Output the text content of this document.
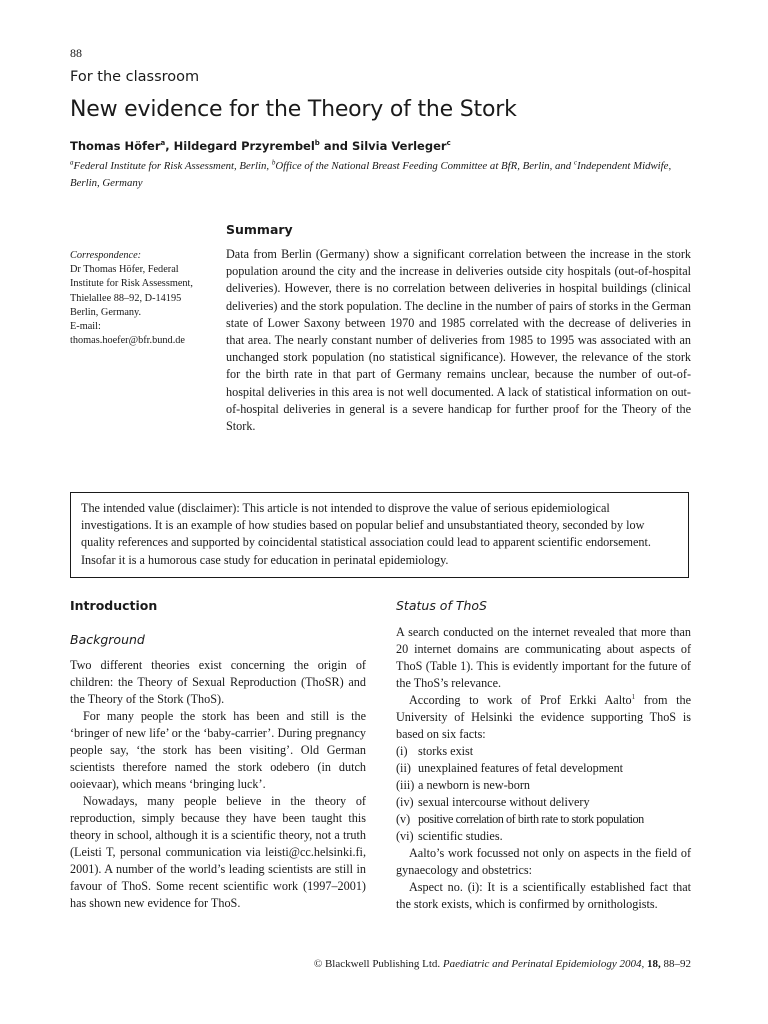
88
For the classroom
New evidence for the Theory of the Stork
Thomas Höfer$^a$, Hildegard Przyrembel$^b$ and Silvia Verleger$^c$
$^a$Federal Institute for Risk Assessment, Berlin, $^b$Office of the National Breast Feeding Committee at BfR, Berlin, and $^c$Independent Midwife, Berlin, Germany
Summary
Correspondence:
Dr Thomas Höfer, Federal
Institute for Risk Assessment,
Thielallee 88–92, D-14195
Berlin, Germany.
E-mail:
thomas.hoefer@bfr.bund.de

Data from Berlin (Germany) show a significant correlation between the increase in the stork population around the city and the increase in deliveries outside city hospitals (out-of-hospital deliveries). However, there is no correlation between deliveries in hospital buildings (clinical deliveries) and the stork population. The decline in the number of pairs of storks in the German state of Lower Saxony between 1970 and 1985 correlated with the decrease of deliveries in that area. The nearly constant number of deliveries from 1985 to 1995 was associated with an unchanged stork population (no statistical significance). However, the relevance of the stork for the birth rate in that part of Germany remains unclear, because the number of out-of-hospital deliveries in this area is not well documented. A lack of statistical information on out-of-hospital deliveries in general is a severe handicap for further proof for the Theory of the Stork.

The intended value (disclaimer): This article is not intended to disprove the value of serious epidemiological investigations. It is an example of how studies based on popular belief and unsubstantiated theory, seconded by low quality references and supported by coincidental statistical association could lead to apparent scientific endorsement. Insofar it is a humorous case study for education in perinatal epidemiology.
Introduction
Background

Two different theories exist concerning the origin of children: the Theory of Sexual Reproduction (ThoSR) and the Theory of the Stork (ThoS).

For many people the stork has been and still is the ‘bringer of new life’ or the ‘baby-carrier’. During pregnancy people say, ‘the stork has been visiting’. Old German scientists therefore named the stork odebero (in dutch ooievaar), which means ‘bringing luck’.

Nowadays, many people believe in the theory of reproduction, simply because they have been taught this theory in school, although it is a scientific theory, not a truth (Leisti T, personal communication via leisti@cc.helsinki.fi, 2001). A number of the world’s leading scientists are still in favour of ThoS. Some recent scientific work (1997–2001) has shown new evidence for ThoS.

Status of ThoS

A search conducted on the internet revealed that more than 20 internet domains are communicating about aspects of ThoS (Table 1). This is evidently important for the future of the ThoS’s relevance.

According to work of Prof Erkki Aalto$^1$ from the University of Helsinki the evidence supporting ThoS is based on six facts:

(i) storks exist
(ii) unexplained features of fetal development
(iii) a newborn is new-born
(iv) sexual intercourse without delivery
(v) positive correlation of birth rate to stork population
(vi) scientific studies.

Aalto’s work focussed not only on aspects in the field of gynaecology and obstetrics:

Aspect no. (i): It is a scientifically established fact that the stork exists, which is confirmed by ornithologists.

© Blackwell Publishing Ltd. Paediatric and Perinatal Epidemiology 2004, 18, 88–92
